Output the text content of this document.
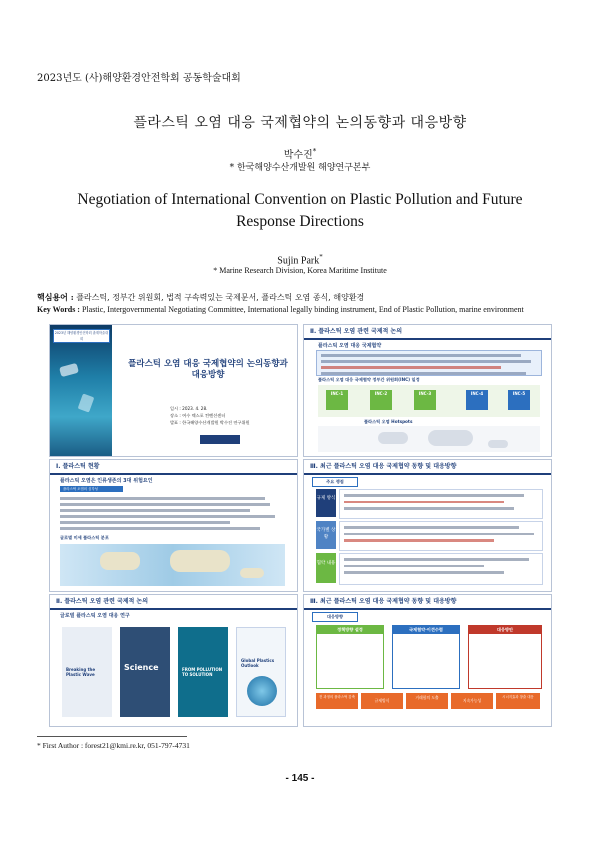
2023년도 (사)해양환경안전학회 공동학술대회
플라스틱 오염 대응 국제협약의 논의동향과 대응방향
박수진*
* 한국해양수산개발원 해양연구본부
Negotiation of International Convention on Plastic Pollution and Future
Response Directions
Sujin Park*
* Marine Research Division, Korea Maritime Institute
핵심용어 : 플라스틱, 정부간 위원회, 법적 구속력있는 국제문서, 플라스틱 오염 종식, 해양환경
Key Words : Plastic, Intergovernmental Negotiating Committee, International legally binding instrument, End of Plastic Pollution, marine environment
2023년 해양환경안전학회 춘계학술대회
플라스틱 오염 대응 국제협약의 논의동향과 대응방향
일시 : 2023. 4. 28.
장소 : 여수 엑스포 컨벤션센터
발표 : 한국해양수산개발원 박수진 연구위원
Ⅱ. 플라스틱 오염 관련 국제적 논의
플라스틱 오염 대응 국제협약
플라스틱 오염 대응 국제협약 정부간 위원회(INC) 일정
INC-1	INC-2	INC-3	INC-4	INC-5
플라스틱 오염 Hotspots
Ⅰ. 플라스틱 현황
플라스틱 오염은 인류생존의 3대 위험요인
플라스틱 오염의 심각성
글로벌 미세 플라스틱 분포
Ⅲ. 최근 플라스틱 오염 대응 국제협약 동향 및 대응방향
주요 쟁점
규제 방식
국가별 상황
협약 내용
Ⅱ. 플라스틱 오염 관련 국제적 논의
글로벌 플라스틱 오염 대응 연구
Breaking the Plastic Wave
Science	FROM POLLUTION TO SOLUTION
Global Plastics Outlook
Ⅲ. 최근 플라스틱 오염 대응 국제협약 동향 및 대응방향
대응방향
정책방향 설정	국제협약·이견수렴	대응방안
전 과정의 플라스틱 감축
규제방식
거래합의 도출
지속가능성
시너지효과 창출 대응
* First Author : forest21@kmi.re.kr, 051-797-4731
- 145 -
